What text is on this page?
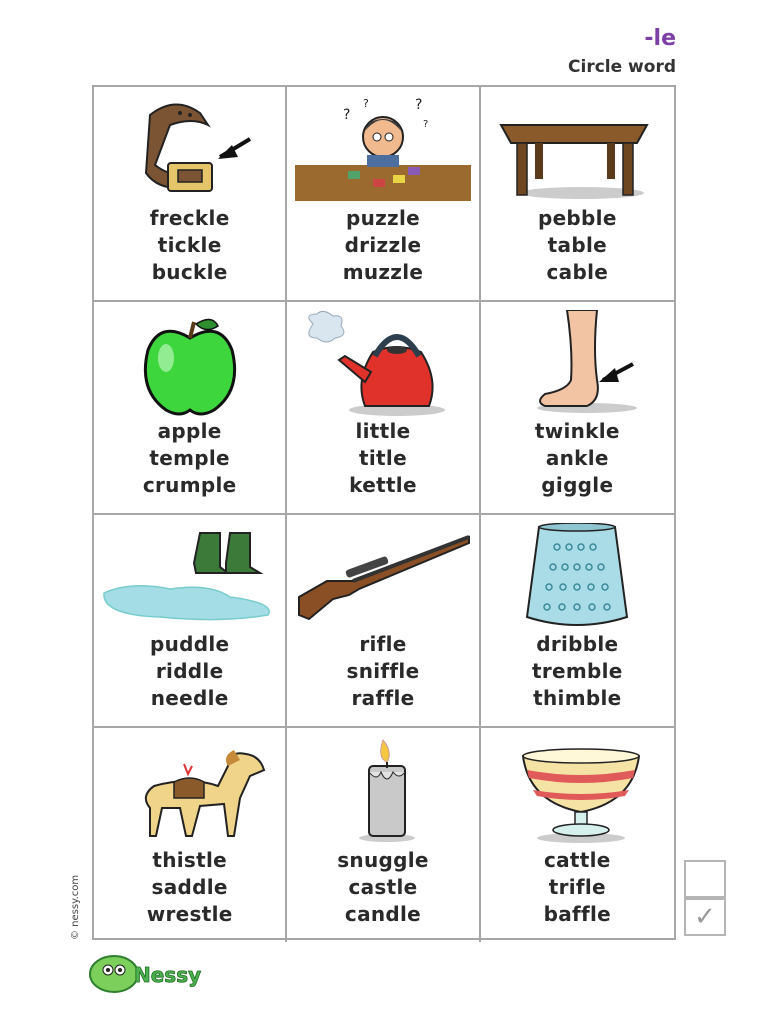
-le
Circle word
freckle
tickle
buckle
?
?	?
?
puzzle
drizzle
muzzle
pebble
table
cable
apple
temple
crumple
little
title
kettle
twinkle
ankle
giggle
puddle
riddle
needle
rifle
sniffle
raffle
dribble
tremble
thimble
thistle
saddle
wrestle
snuggle
castle
candle
cattle
trifle
baffle	✓
© nessy.com
Nessy
